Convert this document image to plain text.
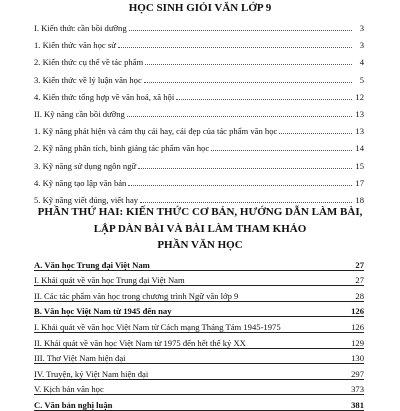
HỌC SINH GIỎI VĂN LỚP 9
I. Kiến thức cần bồi dưỡng	3
1. Kiến thức văn học sử	3
2. Kiến thức cụ thể về tác phẩm	4
3. Kiến thức về lý luận văn học	5
4. Kiến thức tổng hợp về văn hoá, xã hội	12
II. Kỹ năng cần bồi dưỡng	13
1. Kỹ năng phát hiện và cảm thụ cái hay, cái đẹp của tác phẩm văn học	13
2. Kỹ năng phân tích, bình giảng tác phẩm văn học	14
3. Kỹ năng sử dụng ngôn ngữ	15
4. Kỹ năng tạo lập văn bản	17
5. Kỹ năng viết đúng, viết hay	18
PHẦN THỨ HAI: KIẾN THỨC CƠ BẢN, HƯỚNG DẪN LÀM BÀI,
LẬP DÀN BÀI VÀ BÀI LÀM THAM KHẢO
PHẦN VĂN HỌC
A. Văn học Trung đại Việt Nam	27
I. Khái quát về văn học Trung đại Việt Nam	27
II. Các tác phẩm văn học trong chương trình Ngữ văn lớp 9	28
B. Văn học Việt Nam từ 1945 đến nay	126
I. Khái quát về văn học Việt Nam từ Cách mạng Tháng Tám 1945-1975	126
II. Khái quát về văn học Việt Nam từ 1975 đến hết thế kỷ XX	129
III. Thơ Việt Nam hiện đại	130
IV. Truyện, ký Việt Nam hiện đại	297
V. Kịch bản văn học	373
C. Văn bản nghị luận	381
